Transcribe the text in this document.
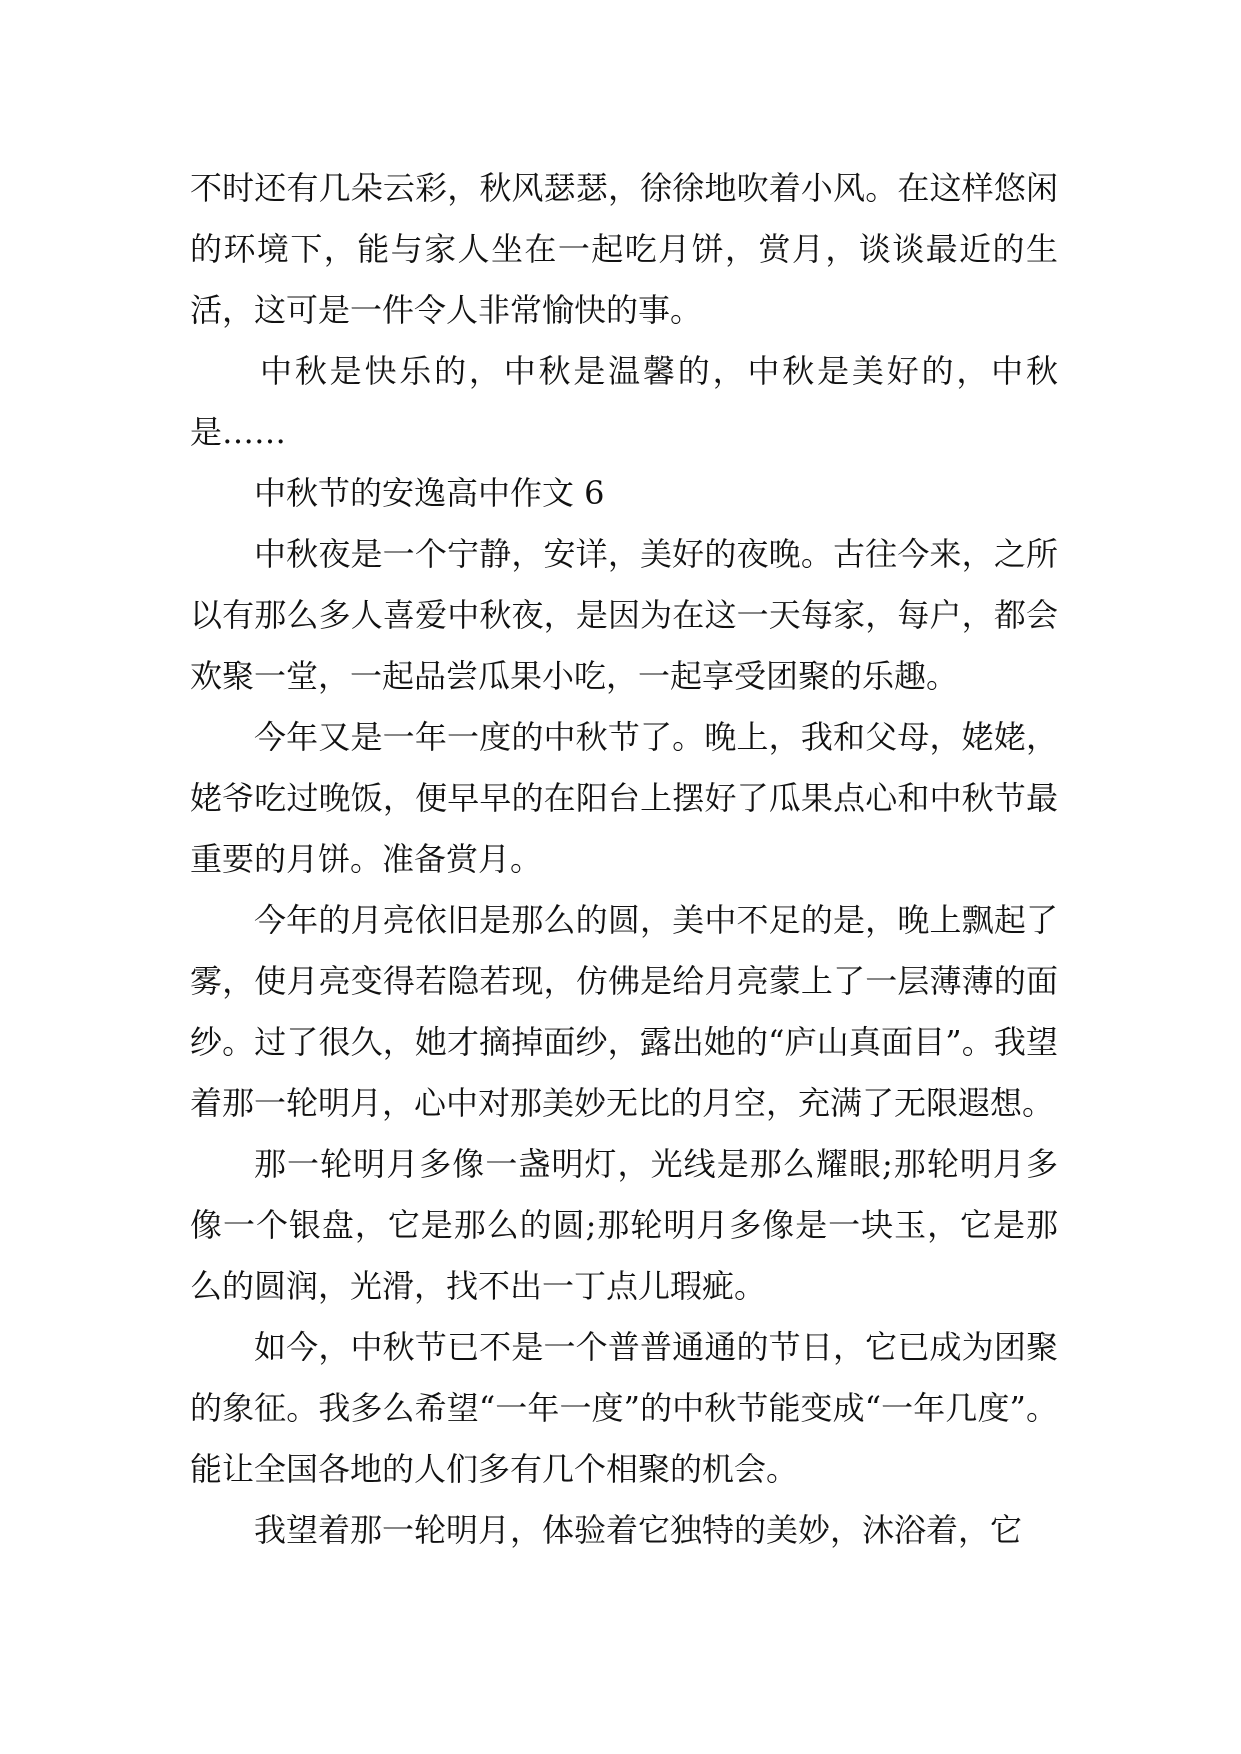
不时还有几朵云彩，秋风瑟瑟，徐徐地吹着小风。在这样悠闲的环境下，能与家人坐在一起吃月饼，赏月，谈谈最近的生活，这可是一件令人非常愉快的事。

中秋是快乐的，中秋是温馨的，中秋是美好的，中秋是……

中秋节的安逸高中作文 6

中秋夜是一个宁静，安详，美好的夜晚。古往今来，之所以有那么多人喜爱中秋夜，是因为在这一天每家，每户，都会欢聚一堂，一起品尝瓜果小吃，一起享受团聚的乐趣。

今年又是一年一度的中秋节了。晚上，我和父母，姥姥，姥爷吃过晚饭，便早早的在阳台上摆好了瓜果点心和中秋节最重要的月饼。准备赏月。

今年的月亮依旧是那么的圆，美中不足的是，晚上飘起了雾，使月亮变得若隐若现，仿佛是给月亮蒙上了一层薄薄的面纱。过了很久，她才摘掉面纱，露出她的“庐山真面目”。我望着那一轮明月，心中对那美妙无比的月空，充满了无限遐想。

那一轮明月多像一盏明灯，光线是那么耀眼;那轮明月多像一个银盘，它是那么的圆;那轮明月多像是一块玉，它是那么的圆润，光滑，找不出一丁点儿瑕疵。

如今，中秋节已不是一个普普通通的节日，它已成为团聚的象征。我多么希望“一年一度”的中秋节能变成“一年几度”。能让全国各地的人们多有几个相聚的机会。

我望着那一轮明月，体验着它独特的美妙，沐浴着，它
